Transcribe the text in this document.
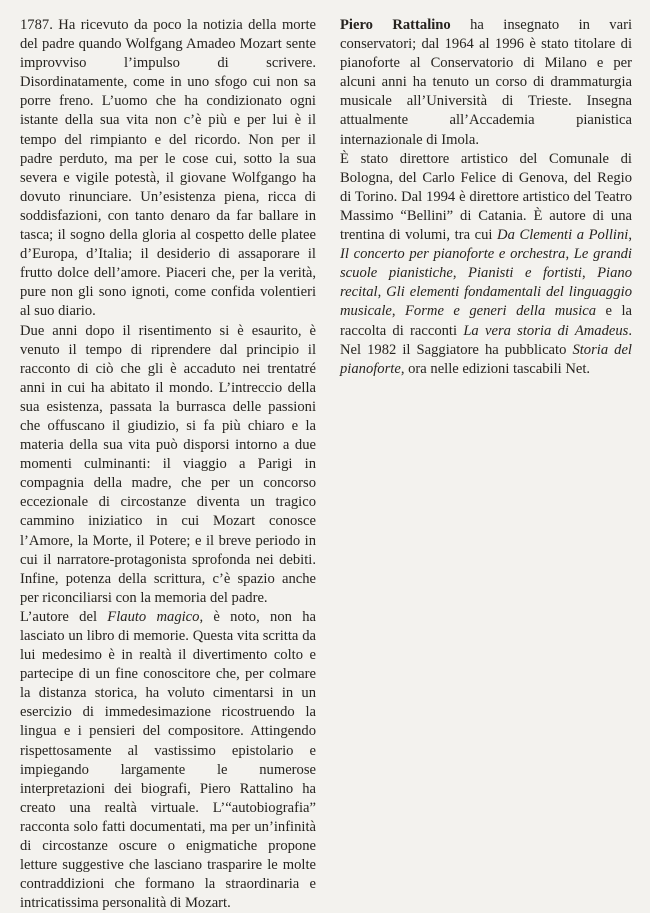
1787. Ha ricevuto da poco la notizia della morte del padre quando Wolfgang Amadeo Mozart sente improvviso l’impulso di scrivere. Disordinatamente, come in uno sfogo cui non sa porre freno. L’uomo che ha condizionato ogni istante della sua vita non c’è più e per lui è il tempo del rimpianto e del ricordo. Non per il padre perduto, ma per le cose cui, sotto la sua severa e vigile potestà, il giovane Wolfgango ha dovuto rinunciare. Un’esistenza piena, ricca di soddisfazioni, con tanto denaro da far ballare in tasca; il sogno della gloria al cospetto delle platee d’Europa, d’Italia; il desiderio di assaporare il frutto dolce dell’amore. Piaceri che, per la verità, pure non gli sono ignoti, come confida volentieri al suo diario.

Due anni dopo il risentimento si è esaurito, è venuto il tempo di riprendere dal principio il racconto di ciò che gli è accaduto nei trentatré anni in cui ha abitato il mondo. L’intreccio della sua esistenza, passata la burrasca delle passioni che offuscano il giudizio, si fa più chiaro e la materia della sua vita può disporsi intorno a due momenti culminanti: il viaggio a Parigi in compagnia della madre, che per un concorso eccezionale di circostanze diventa un tragico cammino iniziatico in cui Mozart conosce l’Amore, la Morte, il Potere; e il breve periodo in cui il narratore-protagonista sprofonda nei debiti. Infine, potenza della scrittura, c’è spazio anche per riconciliarsi con la memoria del padre.

L’autore del Flauto magico, è noto, non ha lasciato un libro di memorie. Questa vita scritta da lui medesimo è in realtà il divertimento colto e partecipe di un fine conoscitore che, per colmare la distanza storica, ha voluto cimentarsi in un esercizio di immedesimazione ricostruendo la lingua e i pensieri del compositore. Attingendo rispettosamente al vastissimo epistolario e impiegando largamente le numerose interpretazioni dei biografi, Piero Rattalino ha creato una realtà virtuale. L’“autobiografia” racconta solo fatti documentati, ma per un’infinità di circostanze oscure o enigmatiche propone letture suggestive che lasciano trasparire le molte contraddizioni che formano la straordinaria e intricatissima personalità di Mozart.

Piero Rattalino ha insegnato in vari conservatori; dal 1964 al 1996 è stato titolare di pianoforte al Conservatorio di Milano e per alcuni anni ha tenuto un corso di drammaturgia musicale all’Università di Trieste. Insegna attualmente all’Accademia pianistica internazionale di Imola.

È stato direttore artistico del Comunale di Bologna, del Carlo Felice di Genova, del Regio di Torino. Dal 1994 è direttore artistico del Teatro Massimo “Bellini” di Catania. È autore di una trentina di volumi, tra cui Da Clementi a Pollini, Il concerto per pianoforte e orchestra, Le grandi scuole pianistiche, Pianisti e fortisti, Piano recital, Gli elementi fondamentali del linguaggio musicale, Forme e generi della musica e la raccolta di racconti La vera storia di Amadeus. Nel 1982 il Saggiatore ha pubblicato Storia del pianoforte, ora nelle edizioni tascabili Net.
